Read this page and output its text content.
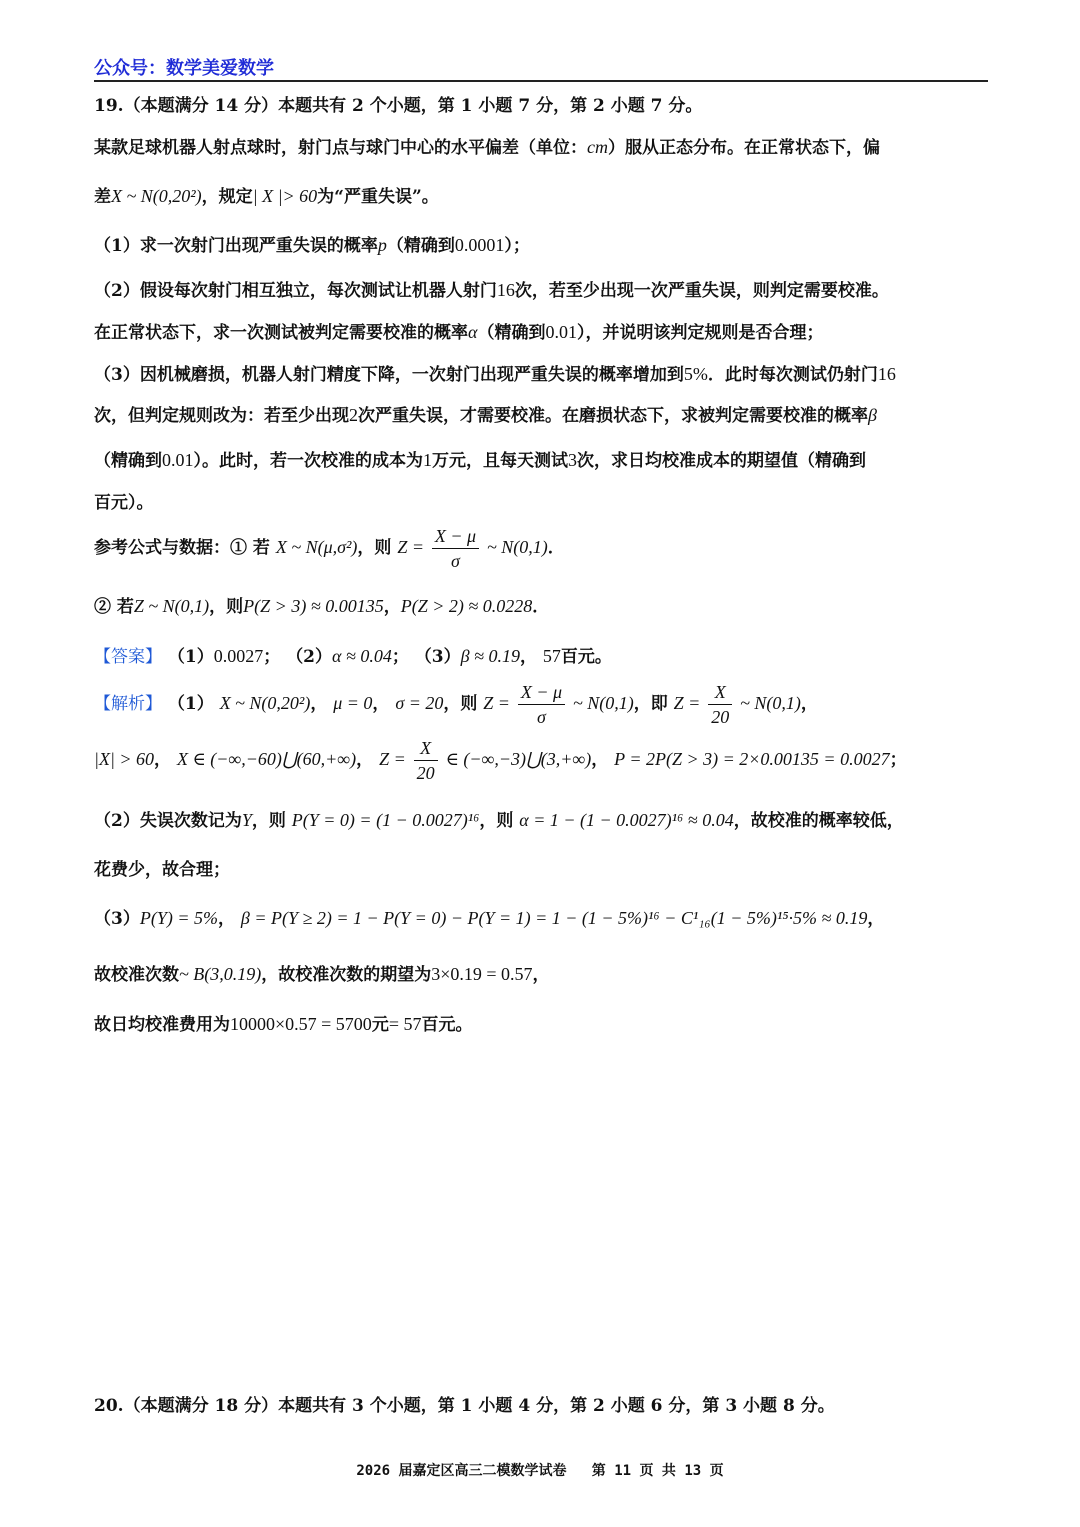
公众号：数学美爱数学
19.（本题满分 14 分）本题共有 2 个小题，第 1 小题 7 分，第 2 小题 7 分。
某款足球机器人射点球时，射门点与球门中心的水平偏差（单位：cm）服从正态分布。在正常状态下，偏
差X ~ N(0,20²)，规定| X |> 60为“严重失误”。
（1）求一次射门出现严重失误的概率p（精确到0.0001）；
（2）假设每次射门相互独立，每次测试让机器人射门16次，若至少出现一次严重失误，则判定需要校准。
在正常状态下，求一次测试被判定需要校准的概率α（精确到0.01），并说明该判定规则是否合理；
（3）因机械磨损，机器人射门精度下降，一次射门出现严重失误的概率增加到5%．此时每次测试仍射门16
次，但判定规则改为：若至少出现2次严重失误，才需要校准。在磨损状态下，求被判定需要校准的概率β
（精确到0.01）。此时，若一次校准的成本为1万元，且每天测试3次，求日均校准成本的期望值（精确到
百元）。
参考公式与数据：① 若 X ~ N(μ,σ²)，则 $Z = \frac{X - \mu}{\sigma}$ ~ N(0,1)．
② 若Z ~ N(0,1)，则P(Z > 3) ≈ 0.00135，P(Z > 2) ≈ 0.0228．
【答案】 （1）0.0027； （2）α ≈ 0.04； （3）β ≈ 0.19， 57百元。
【解析】 （1） X ~ N(0,20²)， μ = 0， σ = 20，则 $Z = \frac{X - \mu}{\sigma}$ ~ N(0,1)，即 $Z = \frac{X}{20}$ ~ N(0,1)，
|X| > 60， X ∈ (−∞,−60)⋃(60,+∞)， $Z = \frac{X}{20}$ ∈ (−∞,−3)⋃(3,+∞)， P = 2P(Z > 3) = 2×0.00135 = 0.0027；
（2）失误次数记为Y，则 P(Y = 0) = (1 − 0.0027)¹⁶，则 α = 1 − (1 − 0.0027)¹⁶ ≈ 0.04，故校准的概率较低，
花费少，故合理；
（3）P(Y) = 5%， β = P(Y ≥ 2) = 1 − P(Y = 0) − P(Y = 1) = 1 − (1 − 5%)¹⁶ − C¹₁₆(1 − 5%)¹⁵·5% ≈ 0.19，
故校准次数~ B(3,0.19)，故校准次数的期望为3×0.19 = 0.57，
故日均校准费用为10000×0.57 = 5700元= 57百元。
20.（本题满分 18 分）本题共有 3 个小题，第 1 小题 4 分，第 2 小题 6 分，第 3 小题 8 分。
2026 届嘉定区高三二模数学试卷   第 11 页 共 13 页
